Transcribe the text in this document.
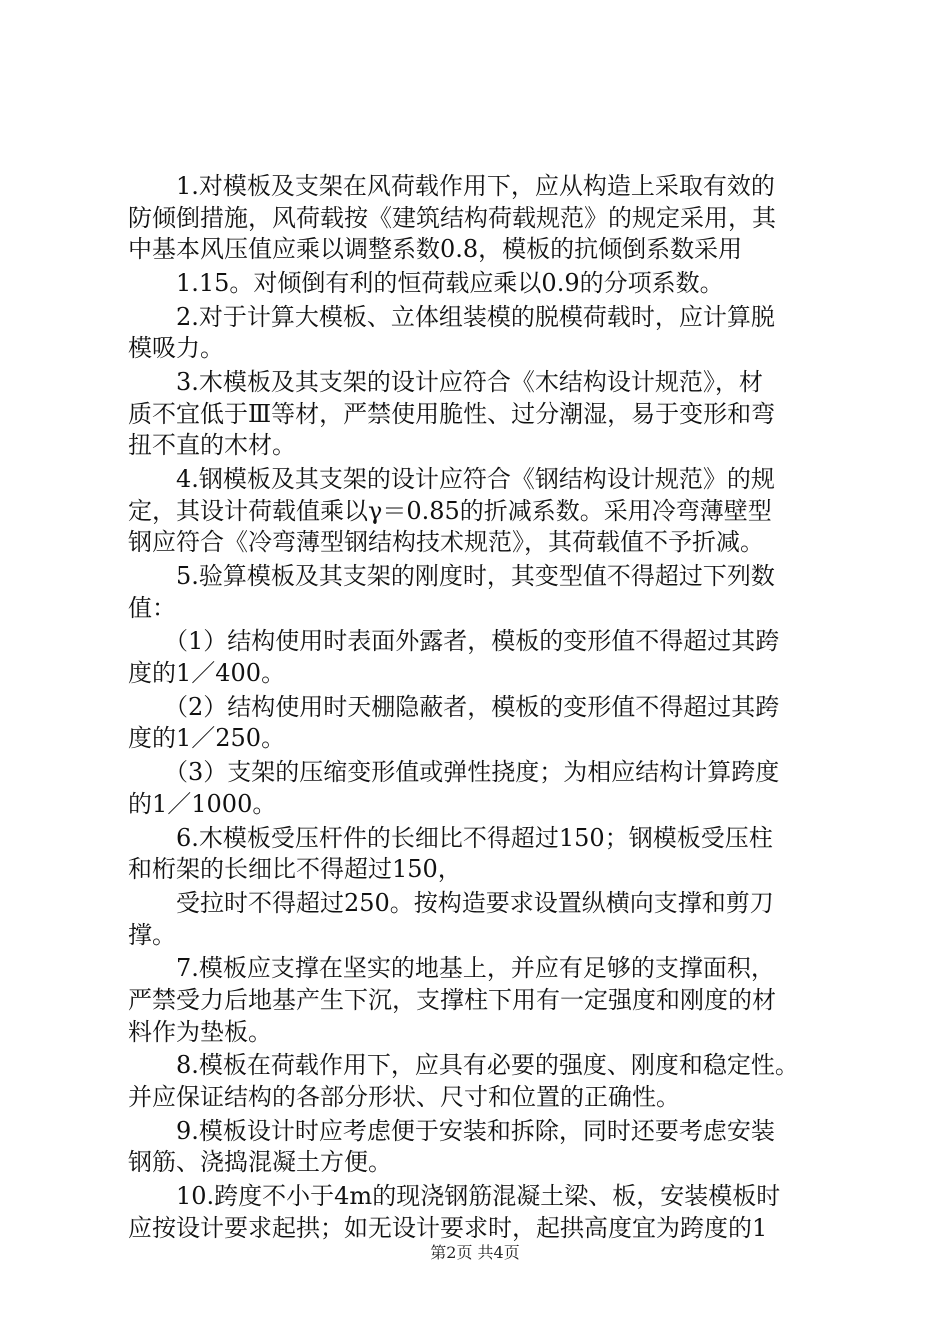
　　1.对模板及支架在风荷载作用下，应从构造上采取有效的
防倾倒措施，风荷载按《建筑结构荷载规范》的规定采用，其
中基本风压值应乘以调整系数0.8，模板的抗倾倒系数采用
　　1.15。对倾倒有利的恒荷载应乘以0.9的分项系数。
　　2.对于计算大模板、立体组装模的脱模荷载时，应计算脱
模吸力。
　　3.木模板及其支架的设计应符合《木结构设计规范》，材
质不宜低于Ⅲ等材，严禁使用脆性、过分潮湿，易于变形和弯
扭不直的木材。
　　4.钢模板及其支架的设计应符合《钢结构设计规范》的规
定，其设计荷载值乘以γ＝0.85的折减系数。采用冷弯薄壁型
钢应符合《冷弯薄型钢结构技术规范》，其荷载值不予折减。
　　5.验算模板及其支架的刚度时，其变型值不得超过下列数
值：
　　（1）结构使用时表面外露者，模板的变形值不得超过其跨
度的1／400。
　　（2）结构使用时天棚隐蔽者，模板的变形值不得超过其跨
度的1／250。
　　（3）支架的压缩变形值或弹性挠度；为相应结构计算跨度
的1／1000。
　　6.木模板受压杆件的长细比不得超过150；钢模板受压柱
和桁架的长细比不得超过150，
　　受拉时不得超过250。按构造要求设置纵横向支撑和剪刀
撑。
　　7.模板应支撑在坚实的地基上，并应有足够的支撑面积，
严禁受力后地基产生下沉，支撑柱下用有一定强度和刚度的材
料作为垫板。
　　8.模板在荷载作用下，应具有必要的强度、刚度和稳定性。
并应保证结构的各部分形状、尺寸和位置的正确性。
　　9.模板设计时应考虑便于安装和拆除，同时还要考虑安装
钢筋、浇捣混凝土方便。
　　10.跨度不小于4m的现浇钢筋混凝土梁、板，安装模板时
应按设计要求起拱；如无设计要求时，起拱高度宜为跨度的1
第2页 共4页
